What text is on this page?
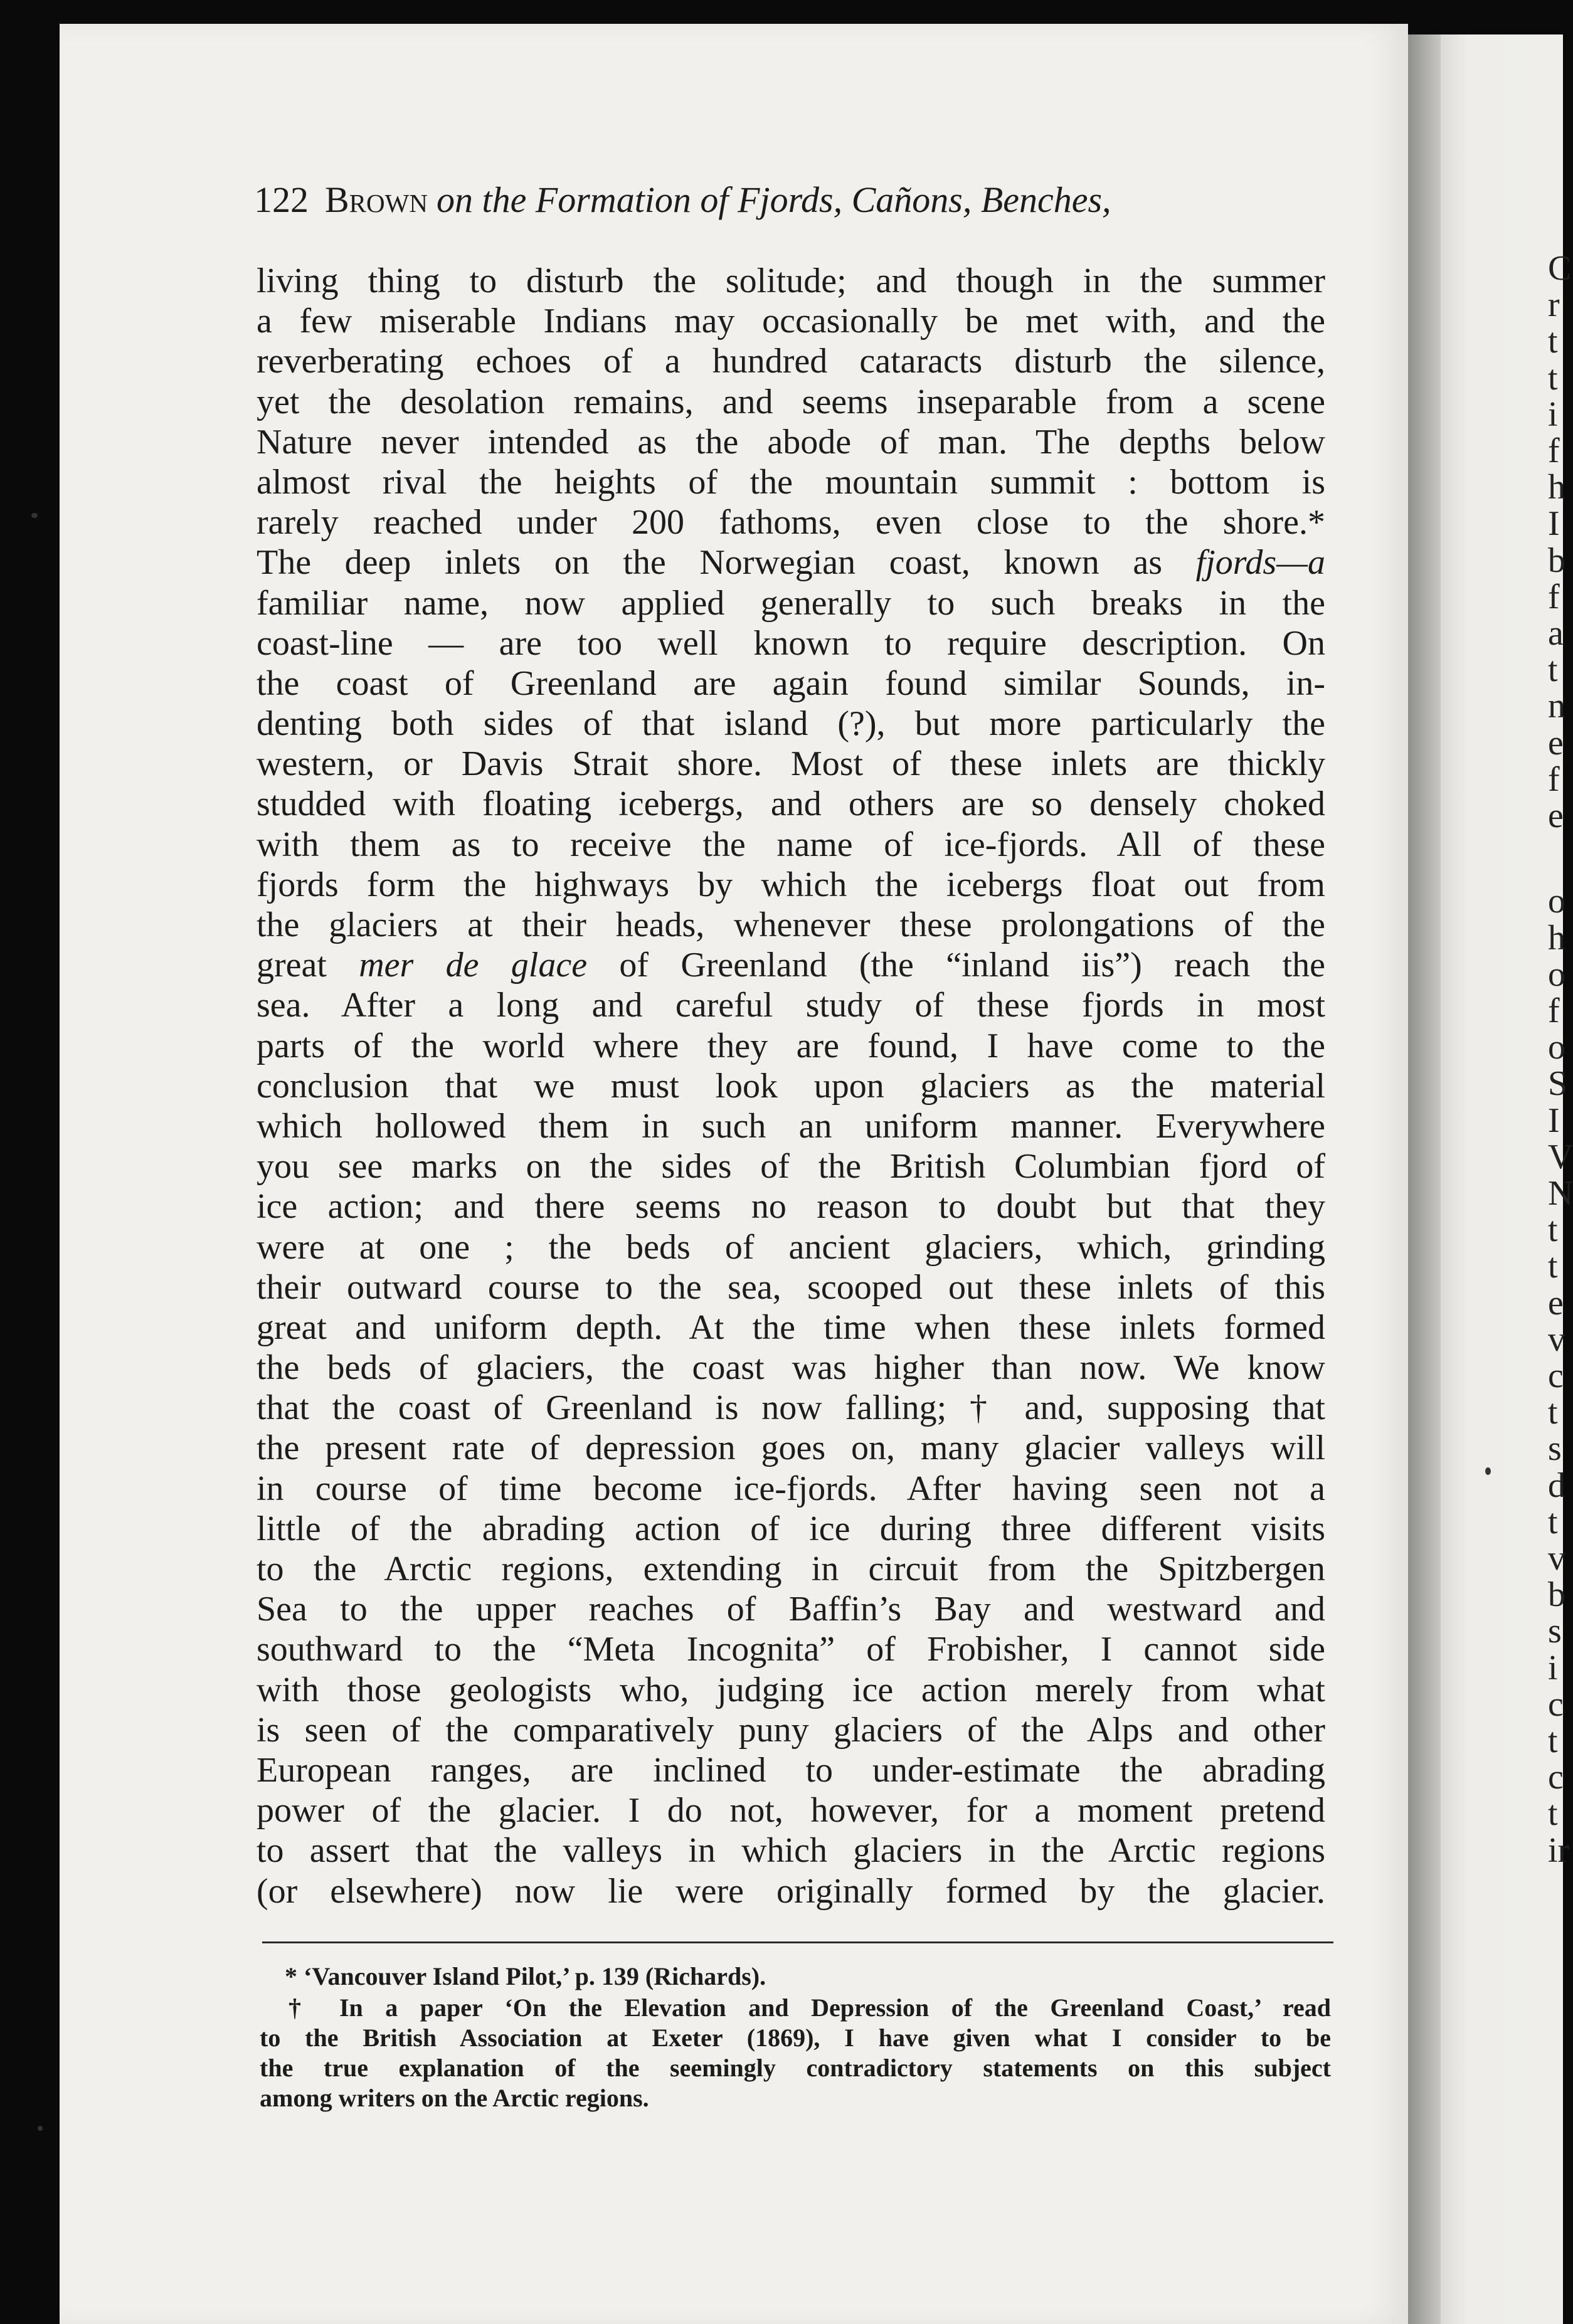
122 Brown on the Formation of Fjords, Cañons, Benches,
living thing to disturb the solitude; and though in the summer
a few miserable Indians may occasionally be met with, and the
reverberating echoes of a hundred cataracts disturb the silence,
yet the desolation remains, and seems inseparable from a scene
Nature never intended as the abode of man. The depths below
almost rival the heights of the mountain summit : bottom is
rarely reached under 200 fathoms, even close to the shore.*
The deep inlets on the Norwegian coast, known as fjords—a
familiar name, now applied generally to such breaks in the
coast-line — are too well known to require description. On
the coast of Greenland are again found similar Sounds, in-
denting both sides of that island (?), but more particularly the
western, or Davis Strait shore. Most of these inlets are thickly
studded with floating icebergs, and others are so densely choked
with them as to receive the name of ice-fjords. All of these
fjords form the highways by which the icebergs float out from
the glaciers at their heads, whenever these prolongations of the
great mer de glace of Greenland (the “inland iis”) reach the
sea. After a long and careful study of these fjords in most
parts of the world where they are found, I have come to the
conclusion that we must look upon glaciers as the material
which hollowed them in such an uniform manner. Everywhere
you see marks on the sides of the British Columbian fjord of
ice action; and there seems no reason to doubt but that they
were at one ; the beds of ancient glaciers, which, grinding
their outward course to the sea, scooped out these inlets of this
great and uniform depth. At the time when these inlets formed
the beds of glaciers, the coast was higher than now. We know
that the coast of Greenland is now falling; † and, supposing that
the present rate of depression goes on, many glacier valleys will
in course of time become ice-fjords. After having seen not a
little of the abrading action of ice during three different visits
to the Arctic regions, extending in circuit from the Spitzbergen
Sea to the upper reaches of Baffin’s Bay and westward and
southward to the “Meta Incognita” of Frobisher, I cannot side
with those geologists who, judging ice action merely from what
is seen of the comparatively puny glaciers of the Alps and other
European ranges, are inclined to under-estimate the abrading
power of the glacier. I do not, however, for a moment pretend
to assert that the valleys in which glaciers in the Arctic regions
(or elsewhere) now lie were originally formed by the glacier.
* ‘Vancouver Island Pilot,’ p. 139 (Richards).
† In a paper ‘On the Elevation and Depression of the Greenland Coast,’ read
to the British Association at Exeter (1869), I have given what I consider to be
the true explanation of the seemingly contradictory statements on this subject
among writers on the Arctic regions.
C
r
t
t
i
f
h
I
b
f
a
t
n
e
f
e
o
h
o
f
o
S
I
V
N
t
t
e
v
c
t
s
d
t
v
b
s
i
c
t
c
t
ir
